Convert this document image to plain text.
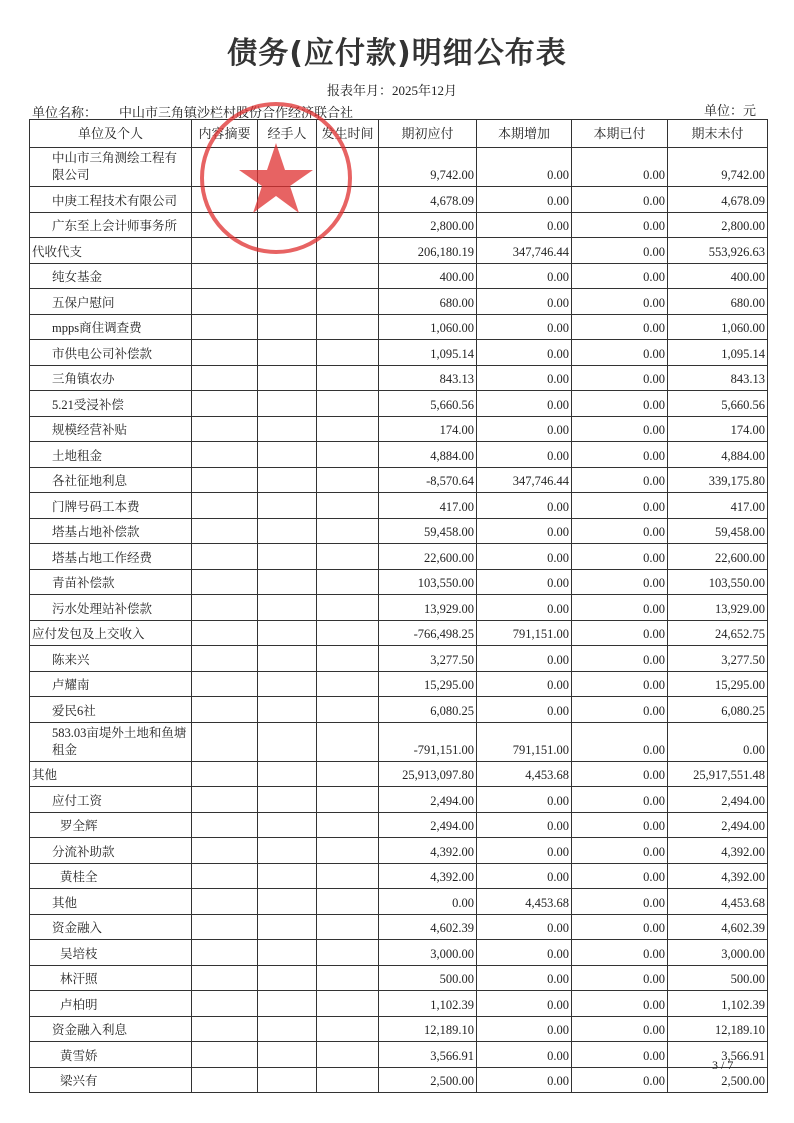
债务(应付款)明细公布表
报表年月：2025年12月
单位名称： 中山市三角镇沙栏村股份合作经济联合社	单位：元
单位及个人	内容摘要	经手人	发生时间	期初应付	本期增加	本期已付	期末未付
中山市三角测绘工程有限公司				9,742.00	0.00	0.00	9,742.00
中庚工程技术有限公司				4,678.09	0.00	0.00	4,678.09
广东至上会计师事务所				2,800.00	0.00	0.00	2,800.00
代收代支				206,180.19	347,746.44	0.00	553,926.63
纯女基金				400.00	0.00	0.00	400.00
五保户慰问				680.00	0.00	0.00	680.00
mpps商住调查费				1,060.00	0.00	0.00	1,060.00
市供电公司补偿款				1,095.14	0.00	0.00	1,095.14
三角镇农办				843.13	0.00	0.00	843.13
5.21受浸补偿				5,660.56	0.00	0.00	5,660.56
规模经营补贴				174.00	0.00	0.00	174.00
土地租金				4,884.00	0.00	0.00	4,884.00
各社征地利息				-8,570.64	347,746.44	0.00	339,175.80
门牌号码工本费				417.00	0.00	0.00	417.00
塔基占地补偿款				59,458.00	0.00	0.00	59,458.00
塔基占地工作经费				22,600.00	0.00	0.00	22,600.00
青苗补偿款				103,550.00	0.00	0.00	103,550.00
污水处理站补偿款				13,929.00	0.00	0.00	13,929.00
应付发包及上交收入				-766,498.25	791,151.00	0.00	24,652.75
陈来兴				3,277.50	0.00	0.00	3,277.50
卢耀南				15,295.00	0.00	0.00	15,295.00
爱民6社				6,080.25	0.00	0.00	6,080.25
583.03亩堤外土地和鱼塘租金				-791,151.00	791,151.00	0.00	0.00
其他				25,913,097.80	4,453.68	0.00	25,917,551.48
应付工资				2,494.00	0.00	0.00	2,494.00
罗全辉				2,494.00	0.00	0.00	2,494.00
分流补助款				4,392.00	0.00	0.00	4,392.00
黄桂全				4,392.00	0.00	0.00	4,392.00
其他				0.00	4,453.68	0.00	4,453.68
资金融入				4,602.39	0.00	0.00	4,602.39
吴培枝				3,000.00	0.00	0.00	3,000.00
林汗照				500.00	0.00	0.00	500.00
卢柏明				1,102.39	0.00	0.00	1,102.39
资金融入利息				12,189.10	0.00	0.00	12,189.10
黄雪娇				3,566.91	0.00	0.00	3,566.91
梁兴有				2,500.00	0.00	0.00	2,500.00
3 / 7
